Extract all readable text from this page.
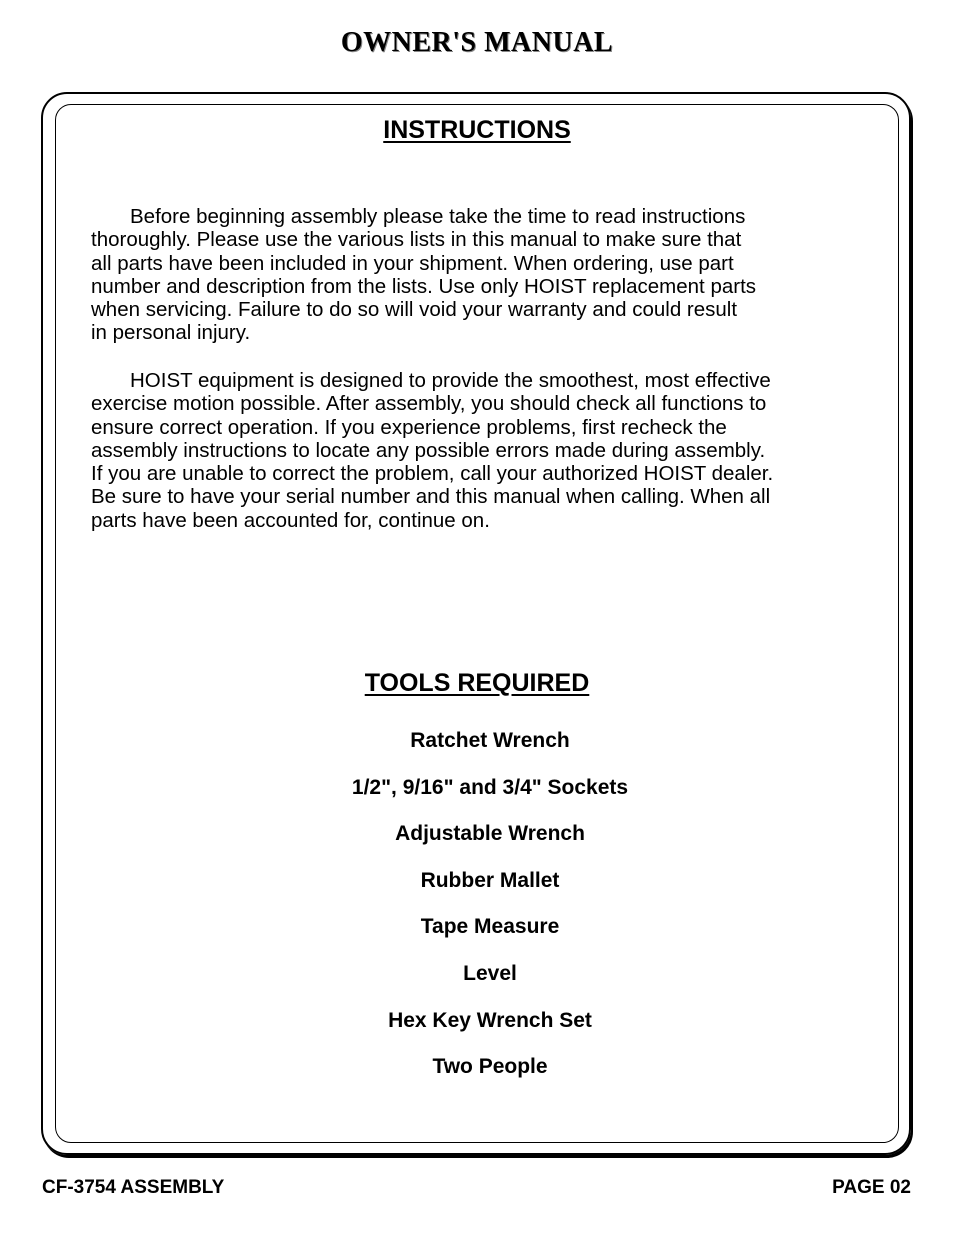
OWNER'S MANUAL
INSTRUCTIONS

Before beginning assembly please take the time to read instructions
thoroughly. Please use the various lists in this manual to make sure that
all parts have been included in your shipment. When ordering, use part
number and description from the lists. Use only HOIST replacement parts
when servicing. Failure to do so will void your warranty and could result
in personal injury.

HOIST equipment is designed to provide the smoothest, most effective
exercise motion possible. After assembly, you should check all functions to
ensure correct operation. If you experience problems, first recheck the
assembly instructions to locate any possible errors made during assembly.
If you are unable to correct the problem, call your authorized HOIST dealer.
Be sure to have your serial number and this manual when calling. When all
parts have been accounted for, continue on.

TOOLS REQUIRED
Ratchet Wrench
1/2", 9/16" and 3/4" Sockets
Adjustable Wrench
Rubber Mallet
Tape Measure
Level
Hex Key Wrench Set
Two People
CF-3754 ASSEMBLY	PAGE 02
